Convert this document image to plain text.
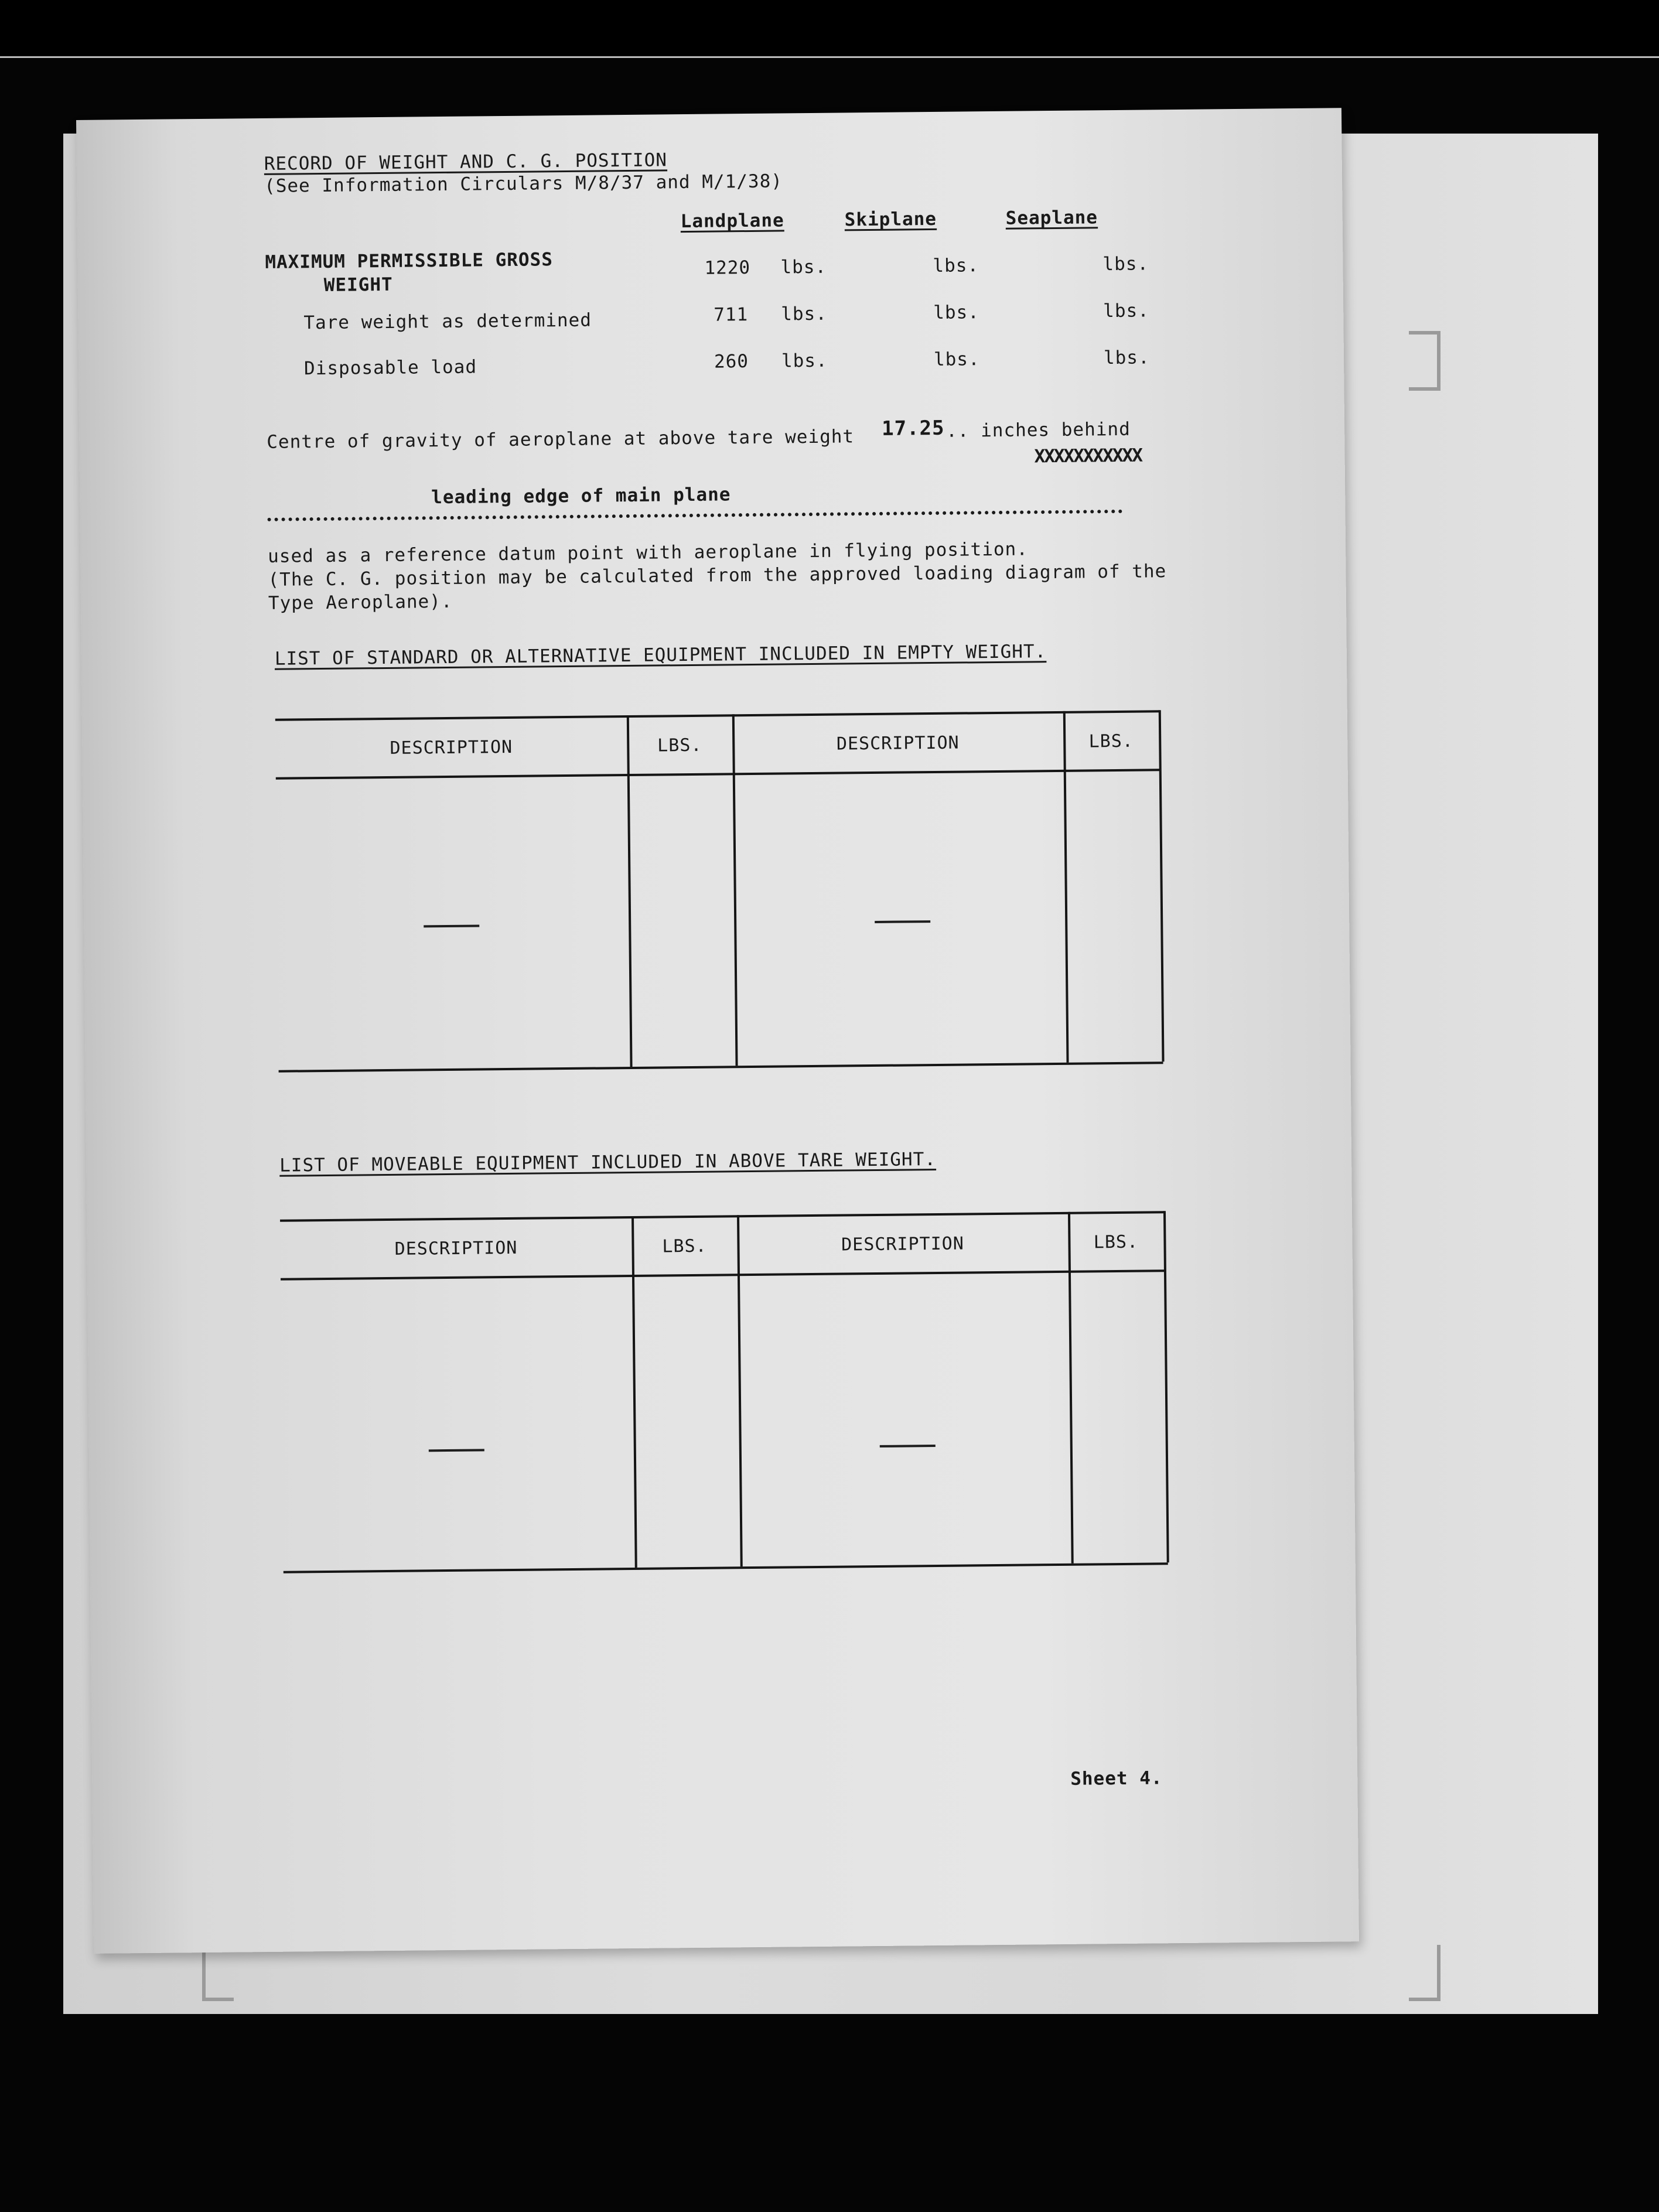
RECORD OF WEIGHT AND C. G. POSITION
(See Information Circulars M/8/37 and M/1/38)
Landplane	Skiplane	Seaplane
MAXIMUM PERMISSIBLE GROSS
WEIGHT
1220 lbs.	lbs.	lbs.
Tare weight as determined	711 lbs.	lbs.	lbs.
Disposable load	260 lbs.	lbs.	lbs.
Centre of gravity of aeroplane at above tare weight 17.25 .. inches behind
XXXXXXXXXXX
leading edge of main plane
used as a reference datum point with aeroplane in flying position.
(The C. G. position may be calculated from the approved loading diagram of the
Type Aeroplane).
LIST OF STANDARD OR ALTERNATIVE EQUIPMENT INCLUDED IN EMPTY WEIGHT.
DESCRIPTION	LBS.	DESCRIPTION	LBS.
LIST OF MOVEABLE EQUIPMENT INCLUDED IN ABOVE TARE WEIGHT.
DESCRIPTION	LBS.	DESCRIPTION	LBS.
Sheet 4.
